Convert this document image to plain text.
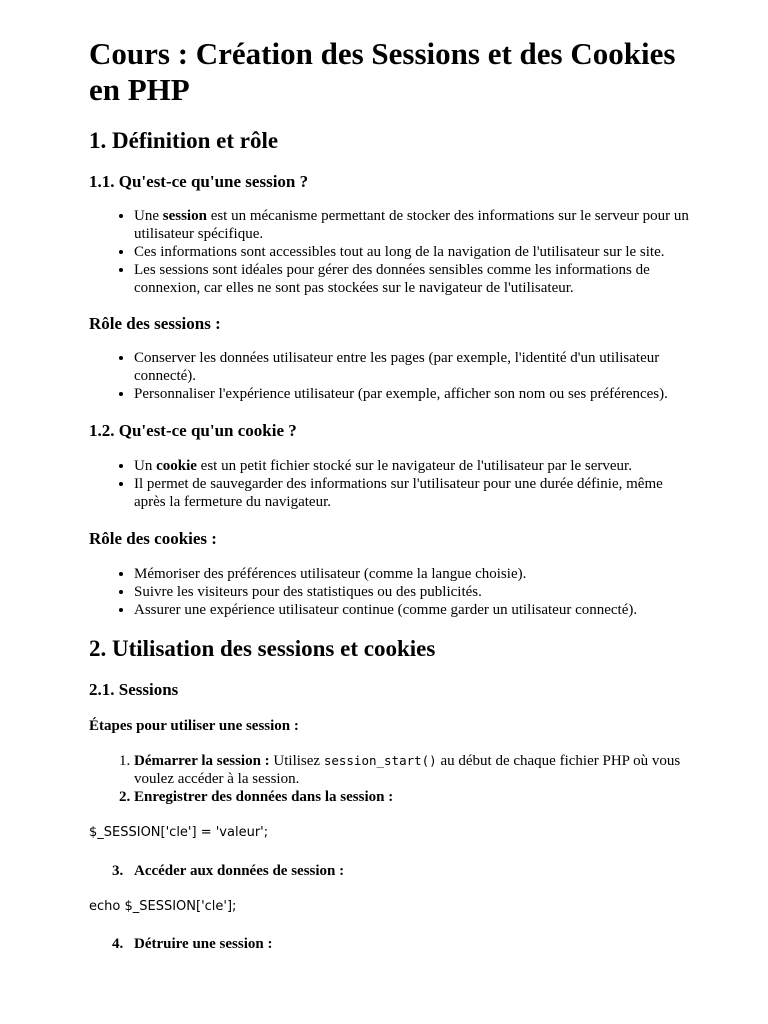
Cours : Création des Sessions et des Cookies en PHP
1. Définition et rôle
1.1. Qu'est-ce qu'une session ?
• Une session est un mécanisme permettant de stocker des informations sur le serveur pour un utilisateur spécifique.
• Ces informations sont accessibles tout au long de la navigation de l'utilisateur sur le site.
• Les sessions sont idéales pour gérer des données sensibles comme les informations de connexion, car elles ne sont pas stockées sur le navigateur de l'utilisateur.
Rôle des sessions :
• Conserver les données utilisateur entre les pages (par exemple, l'identité d'un utilisateur connecté).
• Personnaliser l'expérience utilisateur (par exemple, afficher son nom ou ses préférences).
1.2. Qu'est-ce qu'un cookie ?
• Un cookie est un petit fichier stocké sur le navigateur de l'utilisateur par le serveur.
• Il permet de sauvegarder des informations sur l'utilisateur pour une durée définie, même après la fermeture du navigateur.
Rôle des cookies :
• Mémoriser des préférences utilisateur (comme la langue choisie).
• Suivre les visiteurs pour des statistiques ou des publicités.
• Assurer une expérience utilisateur continue (comme garder un utilisateur connecté).
2. Utilisation des sessions et cookies
2.1. Sessions

Étapes pour utiliser une session :

1. Démarrer la session : Utilisez session_start() au début de chaque fichier PHP où vous voulez accéder à la session.
2. Enregistrer des données dans la session :

$_SESSION['cle'] = 'valeur';

3. Accéder aux données de session :

echo $_SESSION['cle'];

4. Détruire une session :
